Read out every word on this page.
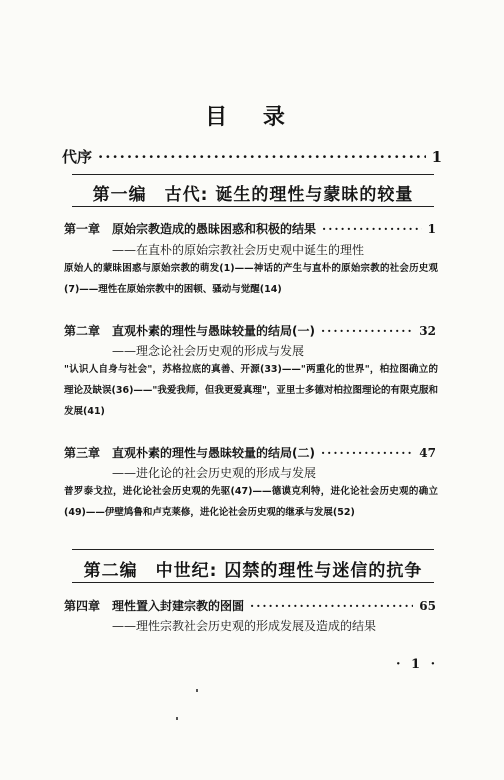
目 录
代序 ·····	1
第一编　古代: 诞生的理性与蒙昧的较量
第一章　原始宗教造成的愚昧困惑和积极的结果 ·····	1
——在直朴的原始宗教社会历史观中诞生的理性
原始人的蒙昧困惑与原始宗教的萌发(1)——神话的产生与直朴的原始宗教的社会历史观(7)——理性在原始宗教中的困顿、骚动与觉醒(14)
第二章　直观朴素的理性与愚昧较量的结局(一) ·····	32
——理念论社会历史观的形成与发展
"认识人自身与社会"，苏格拉底的真善、开源(33)——"两重化的世界"，柏拉图确立的理论及缺误(36)——"我爱我师，但我更爱真理"，亚里士多德对柏拉图理论的有限克服和发展(41)
第三章　直观朴素的理性与愚昧较量的结局(二) ·····	47
——进化论的社会历史观的形成与发展
普罗泰戈拉，进化论社会历史观的先驱(47)——德谟克利特，进化论社会历史观的确立(49)——伊壁鸠鲁和卢克莱修，进化论社会历史观的继承与发展(52)
第二编　中世纪: 囚禁的理性与迷信的抗争
第四章　理性置入封建宗教的囹圄 ·····	65
——理性宗教社会历史观的形成发展及造成的结果
· 1 ·
